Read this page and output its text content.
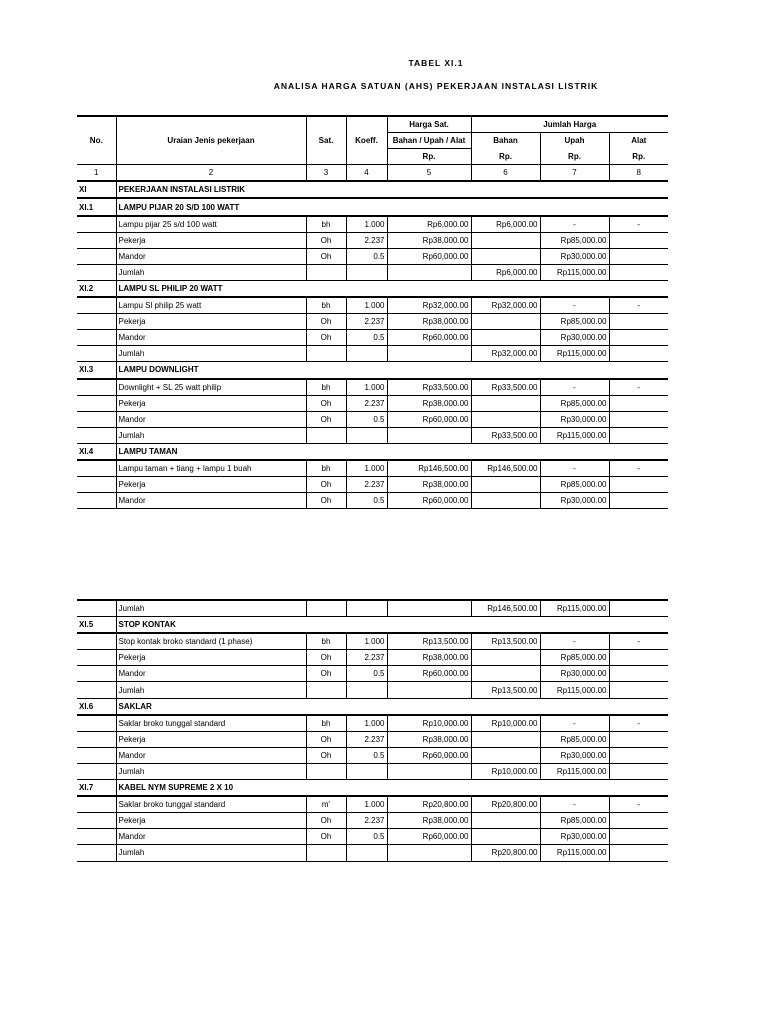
TABEL XI.1
ANALISA HARGA SATUAN (AHS) PEKERJAAN INSTALASI LISTRIK
				Harga Sat.	Jumlah Harga		
No.	Uraian Jenis pekerjaan	Sat.	Koeff.	Bahan / Upah / Alat	Bahan	Upah	Alat
				Rp.	Rp.	Rp.	Rp.
1	2	3	4	5	6	7	8
XI	PEKERJAAN INSTALASI LISTRIK						
XI.1	LAMPU PIJAR 20 S/D 100 WATT						
	Lampu pijar 25 s/d 100 watt	bh	1.000	Rp6,000.00	Rp6,000.00	-	-
	Pekerja	Oh	2.237	Rp38,000.00		Rp85,000.00	
	Mandor	Oh	0.5	Rp60,000.00		Rp30,000.00	
	Jumlah				Rp6,000.00	Rp115,000.00	
XI.2	LAMPU SL PHILIP 20 WATT						
	Lampu Sl philip 25 watt	bh	1.000	Rp32,000.00	Rp32,000.00	-	-
	Pekerja	Oh	2.237	Rp38,000.00		Rp85,000.00	
	Mandor	Oh	0.5	Rp60,000.00		Rp30,000.00	
	Jumlah				Rp32,000.00	Rp115,000.00	
XI.3	LAMPU DOWNLIGHT						
	Downlight + SL 25 watt philip	bh	1.000	Rp33,500.00	Rp33,500.00	-	-
	Pekerja	Oh	2.237	Rp38,000.00		Rp85,000.00	
	Mandor	Oh	0.5	Rp60,000.00		Rp30,000.00	
	Jumlah				Rp33,500.00	Rp115,000.00	
XI.4	LAMPU TAMAN						
	Lampu taman + tiang + lampu 1 buah	bh	1.000	Rp146,500.00	Rp146,500.00	-	-
	Pekerja	Oh	2.237	Rp38,000.00		Rp85,000.00	
	Mandor	Oh	0.5	Rp60,000.00		Rp30,000.00	
	Jumlah				Rp146,500.00	Rp115,000.00	
XI.5	STOP KONTAK						
	Stop kontak broko standard (1 phase)	bh	1.000	Rp13,500.00	Rp13,500.00	-	-
	Pekerja	Oh	2.237	Rp38,000.00		Rp85,000.00	
	Mandor	Oh	0.5	Rp60,000.00		Rp30,000.00	
	Jumlah				Rp13,500.00	Rp115,000.00	
XI.6	SAKLAR						
	Saklar broko tunggal standard	bh	1.000	Rp10,000.00	Rp10,000.00	-	-
	Pekerja	Oh	2.237	Rp38,000.00		Rp85,000.00	
	Mandor	Oh	0.5	Rp60,000.00		Rp30,000.00	
	Jumlah				Rp10,000.00	Rp115,000.00	
XI.7	KABEL NYM SUPREME 2 X 10						
	Saklar broko tunggal standard	m'	1.000	Rp20,800.00	Rp20,800.00	-	-
	Pekerja	Oh	2.237	Rp38,000.00		Rp85,000.00	
	Mandor	Oh	0.5	Rp60,000.00		Rp30,000.00	
	Jumlah				Rp20,800.00	Rp115,000.00	
